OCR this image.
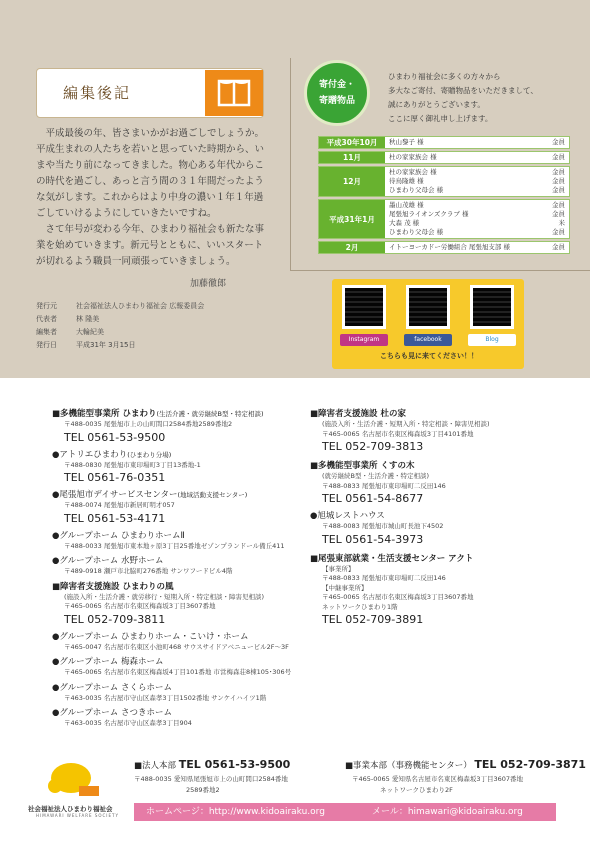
編集後記

平成最後の年、皆さまいかがお過ごしでしょうか。平成生まれの人たちを若いと思っていた時期から、いまや当たり前になってきました。物心ある年代からこの時代を過ごし、あっと言う間の３１年間だったような気がします。これからはより中身の濃い１年１年過ごしていけるようにしていきたいですね。

さて年号が変わる今年、ひまわり福祉会も新たな事業を始めていきます。新元号とともに、いいスタートが切れるよう職員一同頑張っていきましょう。

加藤徹郎
発行元	社会福祉法人ひまわり福祉会 広報委員会
代表者	林 隆美
編集者	大輪紀美
発行日	平成31年 3月15日
寄付金・
寄贈物品
ひまわり福祉会に多くの方々から
多大なご寄付、寄贈物品をいただきまして、
誠にありがとうございます。
ここに厚く御礼申し上げます。
平成30年10月	秋山黎子 様	金員
11月	杜の家家族会 様	金員
12月
杜の家家族会 様	金員
待鳥隆雄 様	金員
ひまわり父母会 様	金員
平成31年1月
墨山茂雄 様	金員
尾張旭ライオンズクラブ 様	金員
大森 茂 様	米
ひまわり父母会 様	金員
2月	イトーヨーカドー労働組合 尾張旭支部 様	金員
Instagram	facebook	Blog
こちらも見に来てください！！
■多機能型事業所 ひまわり(生活介護・就労継続B型・特定相談)
〒488-0035 尾張旭市上の山町間口2584番地2589番地2
TEL 0561-53-9500
●アトリエひまわり(ひまわり分場)
〒488-0830 尾張旭市東印場町3丁目13番地-1
TEL 0561-76-0351
●尾張旭市デイサービスセンター(地域活動支援センター)
〒488-0074 尾張旭市新居町明才057
TEL 0561-53-4171
●グループホーム ひまわりホームⅡ
〒488-0033 尾張旭市東本地ヶ原3丁目25番地ゼゾンプランドール備丘411
●グループホーム 水野ホーム
〒489-0918 瀬戸市北脇町276番地 サンワフードビル4階
■障害者支援施設 ひまわりの風
(施設入所・生活介護・就労移行・短期入所・特定相談・障害児相談)
〒465-0065 名古屋市名東区梅森坂3丁目3607番地
TEL 052-709-3811
●グループホーム ひまわりホーム・こいけ・ホーム
〒465-0047 名古屋市名東区小池町468 サウスサイドアベニュービル2F～3F
●グループホーム 梅森ホーム
〒465-0065 名古屋市名東区梅森坂4丁目101番地 市営梅森荘8棟105･306号
●グループホーム さくらホーム
〒463-0035 名古屋市守山区森孝3丁目1502番地 サンケイハイツ1階
●グループホーム さつきホーム
〒463-0035 名古屋市守山区森孝3丁目904
■障害者支援施設 杜の家
(施設入所・生活介護・短期入所・特定相談・障害児相談)
〒465-0065 名古屋市名東区梅森坂3丁目4101番地
TEL 052-709-3813
■多機能型事業所 くすの木
(就労継続B型・生活介護・特定相談)
〒488-0833 尾張旭市東印場町二反田146
TEL 0561-54-8677
●旭城レストハウス
〒488-0083 尾張旭市城山町長池下4502
TEL 0561-54-3973
■尾張東部就業・生活支援センター アクト
【事業所】
〒488-0833 尾張旭市東印場町二反田146
【中継事業所】
〒465-0065 名古屋市名東区梅森坂3丁目3607番地
ネットワークひまわり1階
TEL 052-709-3891
社会福祉法人ひまわり福祉会
HIMAWARI WELFARE SOCIETY
■法人本部 TEL 0561-53-9500
〒488-0035 愛知県尾張旭市上の山町間口2584番地
2589番地2
■事業本部（事務機能センター） TEL 052-709-3871
〒465-0065 愛知県名古屋市名東区梅森坂3丁目3607番地
ネットワークひまわり2F
ホームページ：http://www.kidoairaku.org	メール：himawari@kidoairaku.org
